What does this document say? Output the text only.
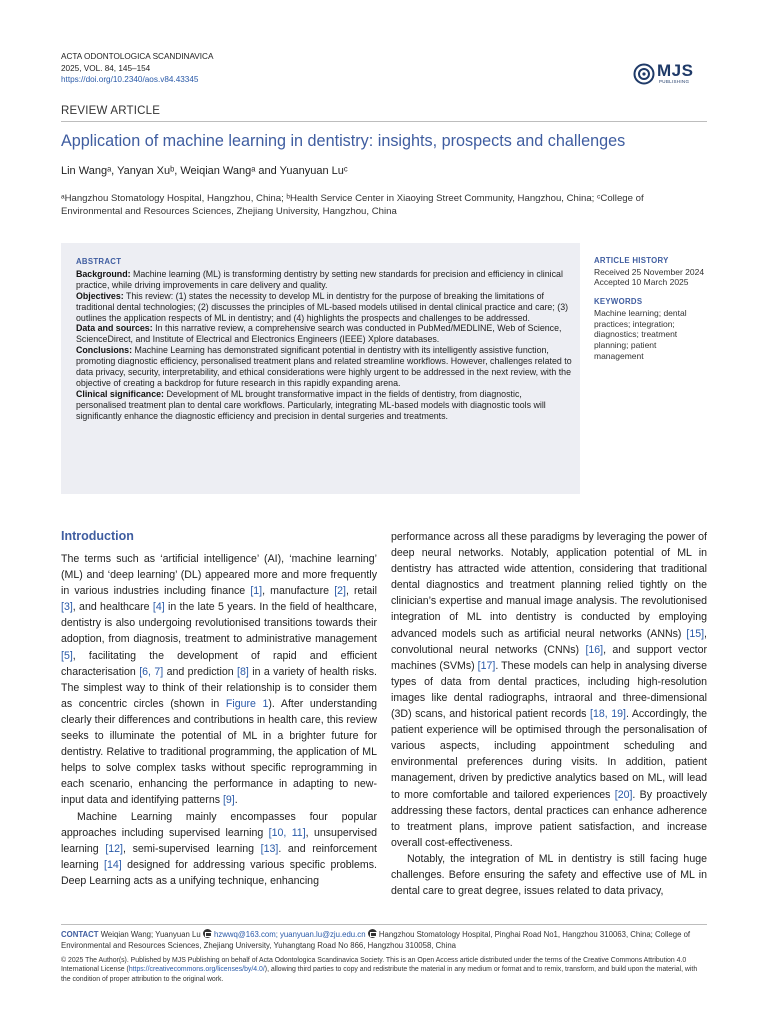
ACTA ODONTOLOGICA SCANDINAVICA
2025, VOL. 84, 145–154
https://doi.org/10.2340/aos.v84.43345	MJS
PUBLISHING
REVIEW ARTICLE
Application of machine learning in dentistry: insights, prospects and challenges
Lin Wangᵃ, Yanyan Xuᵇ, Weiqian Wangᵃ and Yuanyuan Luᶜ
ᵃHangzhou Stomatology Hospital, Hangzhou, China; ᵇHealth Service Center in Xiaoying Street Community, Hangzhou, China; ᶜCollege of Environmental and Resources Sciences, Zhejiang University, Hangzhou, China
ABSTRACT
Background: Machine learning (ML) is transforming dentistry by setting new standards for precision and efficiency in clinical practice, while driving improvements in care delivery and quality.
Objectives: This review: (1) states the necessity to develop ML in dentistry for the purpose of breaking the limitations of traditional dental technologies; (2) discusses the principles of ML-based models utilised in dental clinical practice and care; (3) outlines the application respects of ML in dentistry; and (4) highlights the prospects and challenges to be addressed.
Data and sources: In this narrative review, a comprehensive search was conducted in PubMed/MEDLINE, Web of Science, ScienceDirect, and Institute of Electrical and Electronics Engineers (IEEE) Xplore databases.
Conclusions: Machine Learning has demonstrated significant potential in dentistry with its intelligently assistive function, promoting diagnostic efficiency, personalised treatment plans and related streamline workflows. However, challenges related to data privacy, security, interpretability, and ethical considerations were highly urgent to be addressed in the next review, with the objective of creating a backdrop for future research in this rapidly expanding arena.
Clinical significance: Development of ML brought transformative impact in the fields of dentistry, from diagnostic, personalised treatment plan to dental care workflows. Particularly, integrating ML-based models with diagnostic tools will significantly enhance the diagnostic efficiency and precision in dental surgeries and treatments.
ARTICLE HISTORY
Received 25 November 2024
Accepted 10 March 2025
KEYWORDS
Machine learning; dental practices; integration; diagnostics; treatment planning; patient management
Introduction

The terms such as ‘artificial intelligence’ (AI), ‘machine learning’ (ML) and ‘deep learning’ (DL) appeared more and more frequently in various industries including finance [1], manufacture [2], retail [3], and healthcare [4] in the late 5 years. In the field of healthcare, dentistry is also undergoing revolutionised transitions towards their adoption, from diagnosis, treatment to administrative management [5], facilitating the development of rapid and efficient characterisation [6, 7] and prediction [8] in a variety of health risks. The simplest way to think of their relationship is to consider them as concentric circles (shown in Figure 1). After understanding clearly their differences and contributions in health care, this review seeks to illuminate the potential of ML in a brighter future for dentistry. Relative to traditional programming, the application of ML helps to solve complex tasks without specific reprogramming in each scenario, enhancing the performance in adapting to new-input data and identifying patterns [9].

Machine Learning mainly encompasses four popular approaches including supervised learning [10, 11], unsupervised learning [12], semi-supervised learning [13]. and reinforcement learning [14] designed for addressing various specific problems. Deep Learning acts as a unifying technique, enhancing

performance across all these paradigms by leveraging the power of deep neural networks. Notably, application potential of ML in dentistry has attracted wide attention, considering that traditional dental diagnostics and treatment planning relied tightly on the clinician’s expertise and manual image analysis. The revolutionised integration of ML into dentistry is conducted by employing advanced models such as artificial neural networks (ANNs) [15], convolutional neural networks (CNNs) [16], and support vector machines (SVMs) [17]. These models can help in analysing diverse types of data from dental practices, including high-resolution images like dental radiographs, intraoral and three-dimensional (3D) scans, and historical patient records [18, 19]. Accordingly, the patient experience will be optimised through the personalisation of various aspects, including appointment scheduling and environmental preferences during visits. In addition, patient management, driven by predictive analytics based on ML, will lead to more comfortable and tailored experiences [20]. By proactively addressing these factors, dental practices can enhance adherence to treatment plans, improve patient satisfaction, and increase overall cost-effectiveness.

Notably, the integration of ML in dentistry is still facing huge challenges. Before ensuring the safety and effective use of ML in dental care to great degree, issues related to data privacy,

CONTACT Weiqian Wang; Yuanyuan Lu  hzwwq@163.com; yuanyuan.lu@zju.edu.cn  Hangzhou Stomatology Hospital, Pinghai Road No1, Hangzhou 310063, China; College of Environmental and Resources Sciences, Zhejiang University, Yuhangtang Road No 866, Hangzhou 310058, China
© 2025 The Author(s). Published by MJS Publishing on behalf of Acta Odontologica Scandinavica Society. This is an Open Access article distributed under the terms of the Creative Commons Attribution 4.0 International License (https://creativecommons.org/licenses/by/4.0/), allowing third parties to copy and redistribute the material in any medium or format and to remix, transform, and build upon the material, with the condition of proper attribution to the original work.
